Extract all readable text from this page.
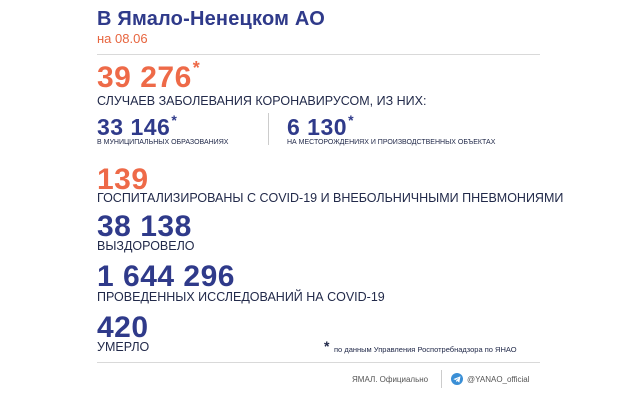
В Ямало-Ненецком АО
на 08.06
39 276*
СЛУЧАЕВ ЗАБОЛЕВАНИЯ КОРОНАВИРУСОМ, ИЗ НИХ:
33 146*
В МУНИЦИПАЛЬНЫХ ОБРАЗОВАНИЯХ
6 130*
НА МЕСТОРОЖДЕНИЯХ И ПРОИЗВОДСТВЕННЫХ ОБЪЕКТАХ
139
ГОСПИТАЛИЗИРОВАНЫ С COVID-19 И ВНЕБОЛЬНИЧНЫМИ ПНЕВМОНИЯМИ
38 138
ВЫЗДОРОВЕЛО
1 644 296
ПРОВЕДЕННЫХ ИССЛЕДОВАНИЙ НА COVID-19
420
УМЕРЛО	* по данным Управления Роспотребнадзора по ЯНАО
ЯМАЛ. Официально	@YANAO_official
